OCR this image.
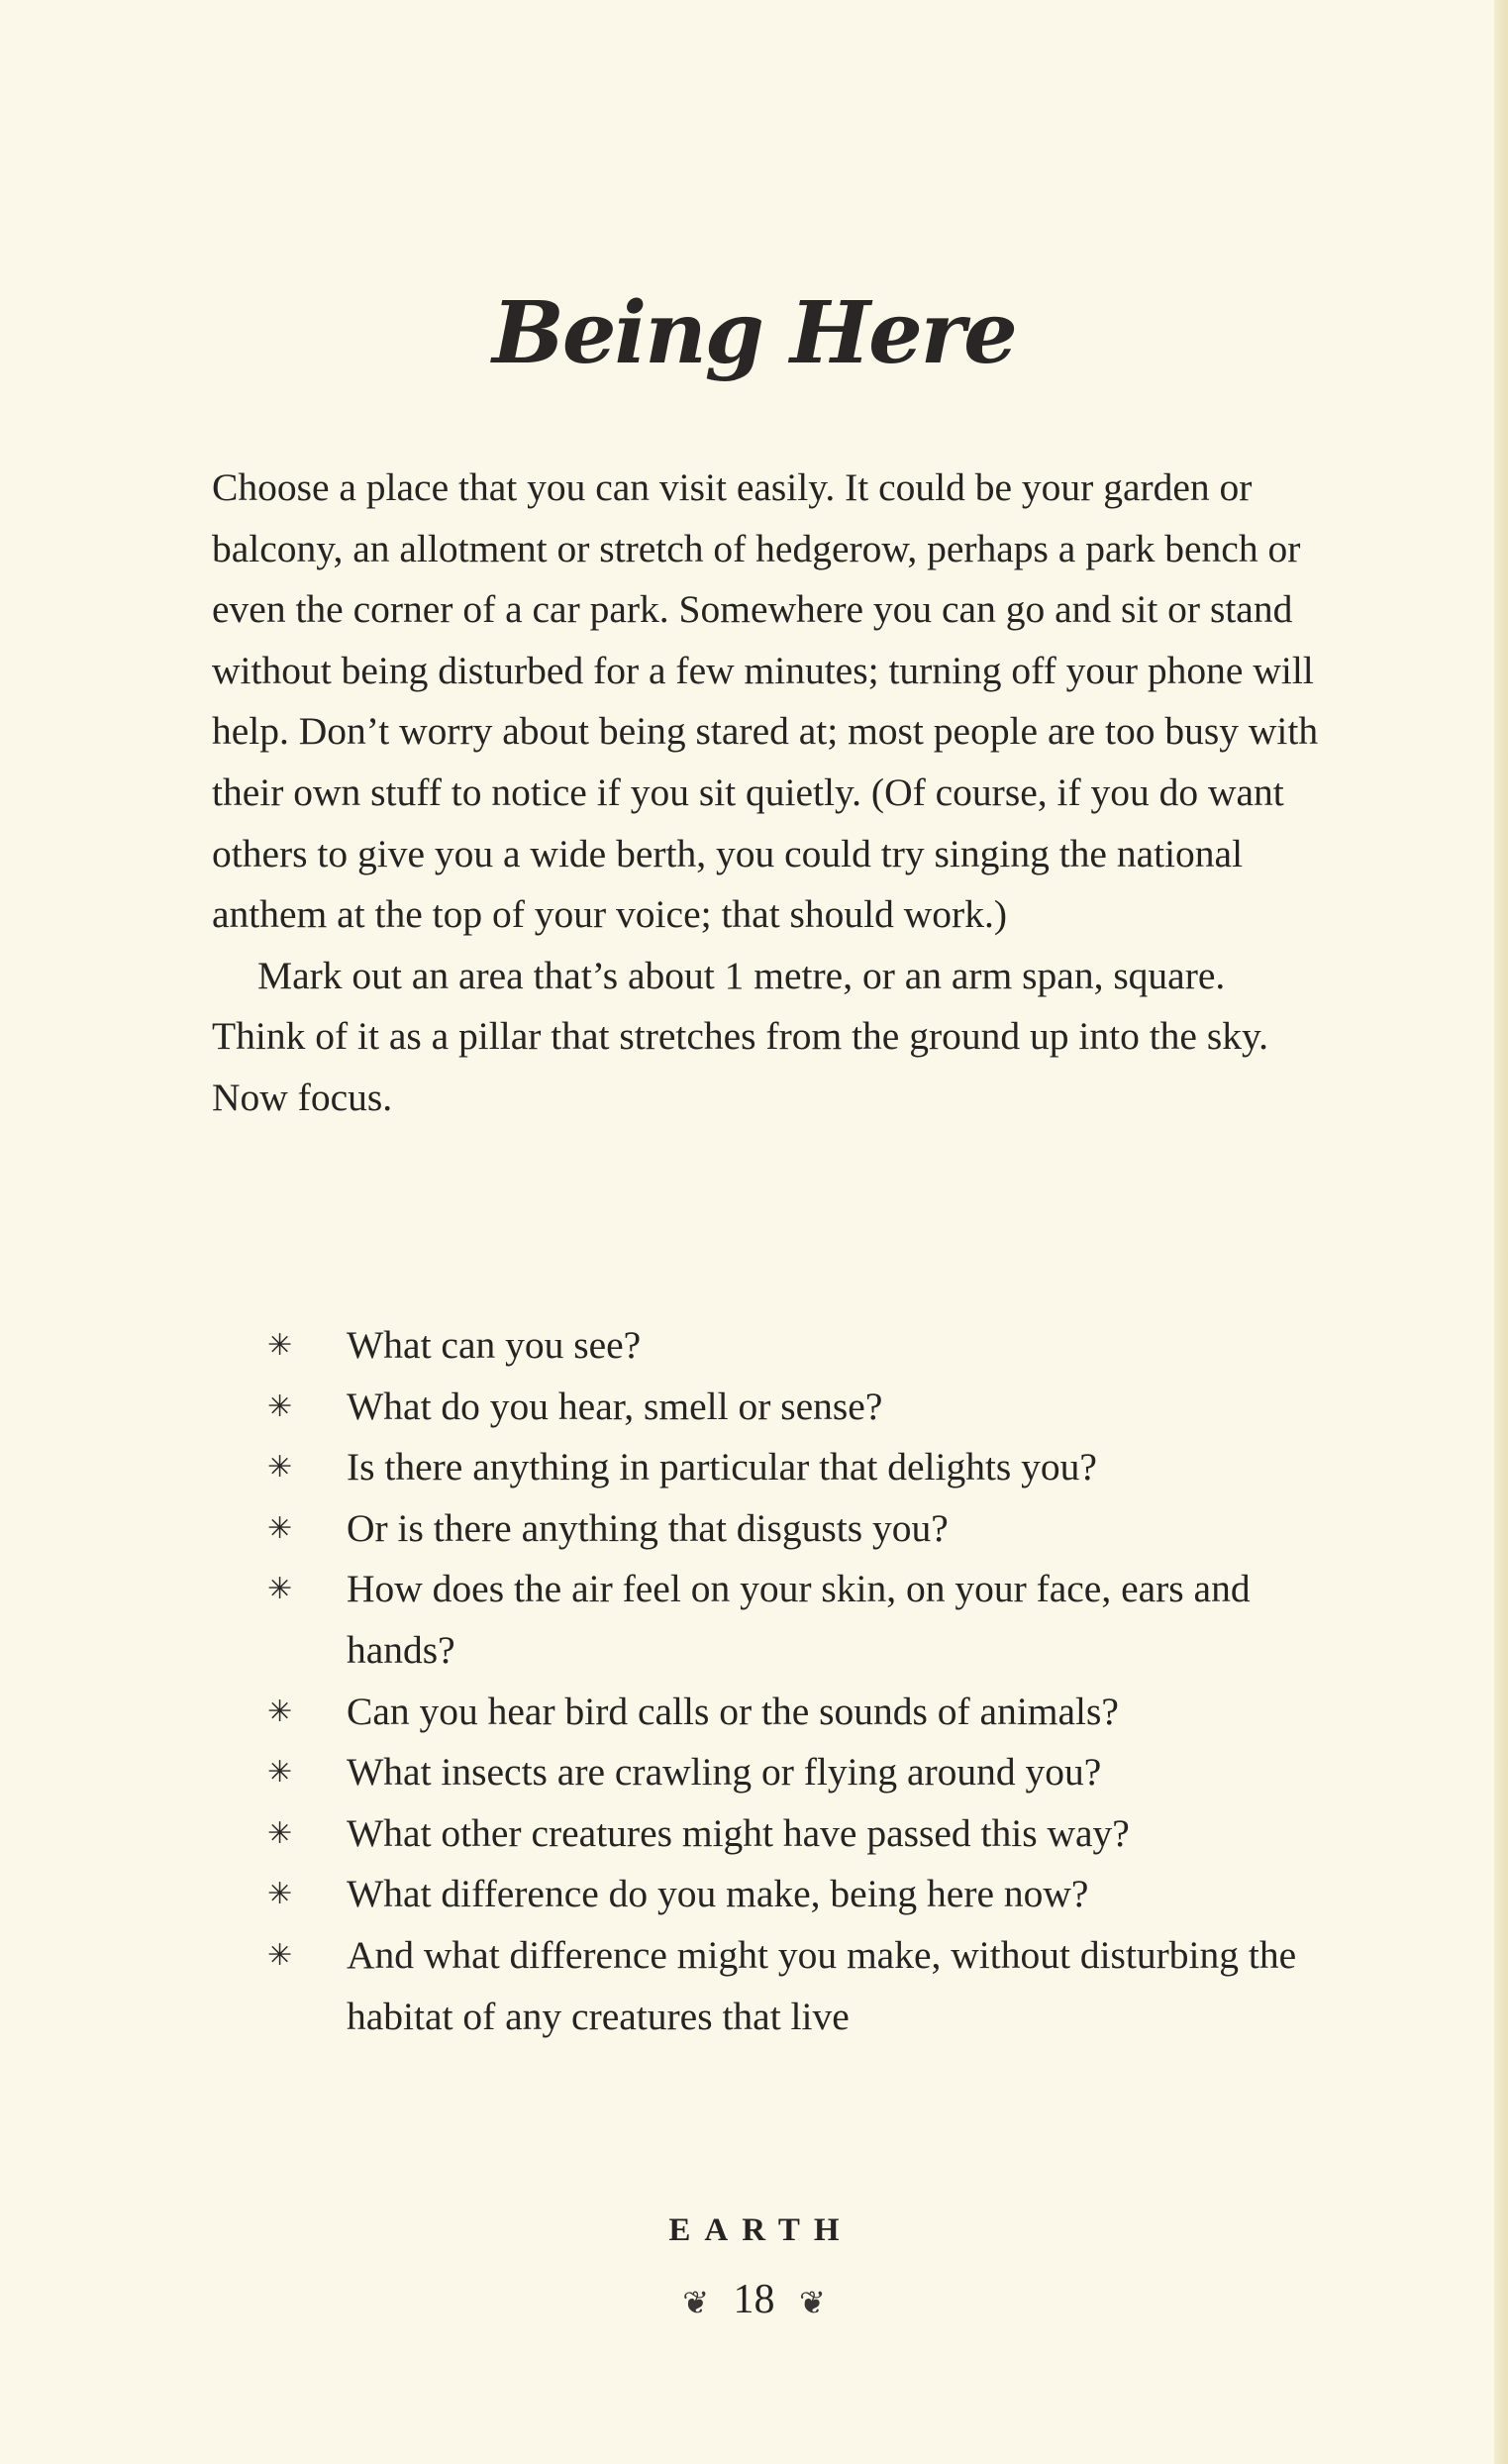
Being Here

Choose a place that you can visit easily. It could be your garden or balcony, an allotment or stretch of hedgerow, perhaps a park bench or even the corner of a car park. Somewhere you can go and sit or stand without being disturbed for a few minutes; turning off your phone will help. Don’t worry about being stared at; most people are too busy with their own stuff to notice if you sit quietly. (Of course, if you do want others to give you a wide berth, you could try singing the national anthem at the top of your voice; that should work.)

Mark out an area that’s about 1 metre, or an arm span, square. Think of it as a pillar that stretches from the ground up into the sky. Now focus.

✳ What can you see?
✳ What do you hear, smell or sense?
✳ Is there anything in particular that delights you?
✳ Or is there anything that disgusts you?
✳ How does the air feel on your skin, on your face, ears and hands?
✳ Can you hear bird calls or the sounds of animals?
✳ What insects are crawling or flying around you?
✳ What other creatures might have passed this way?
✳ What difference do you make, being here now?
✳ And what difference might you make, without disturbing the habitat of any creatures that live
EARTH
❦ 18 ❦
